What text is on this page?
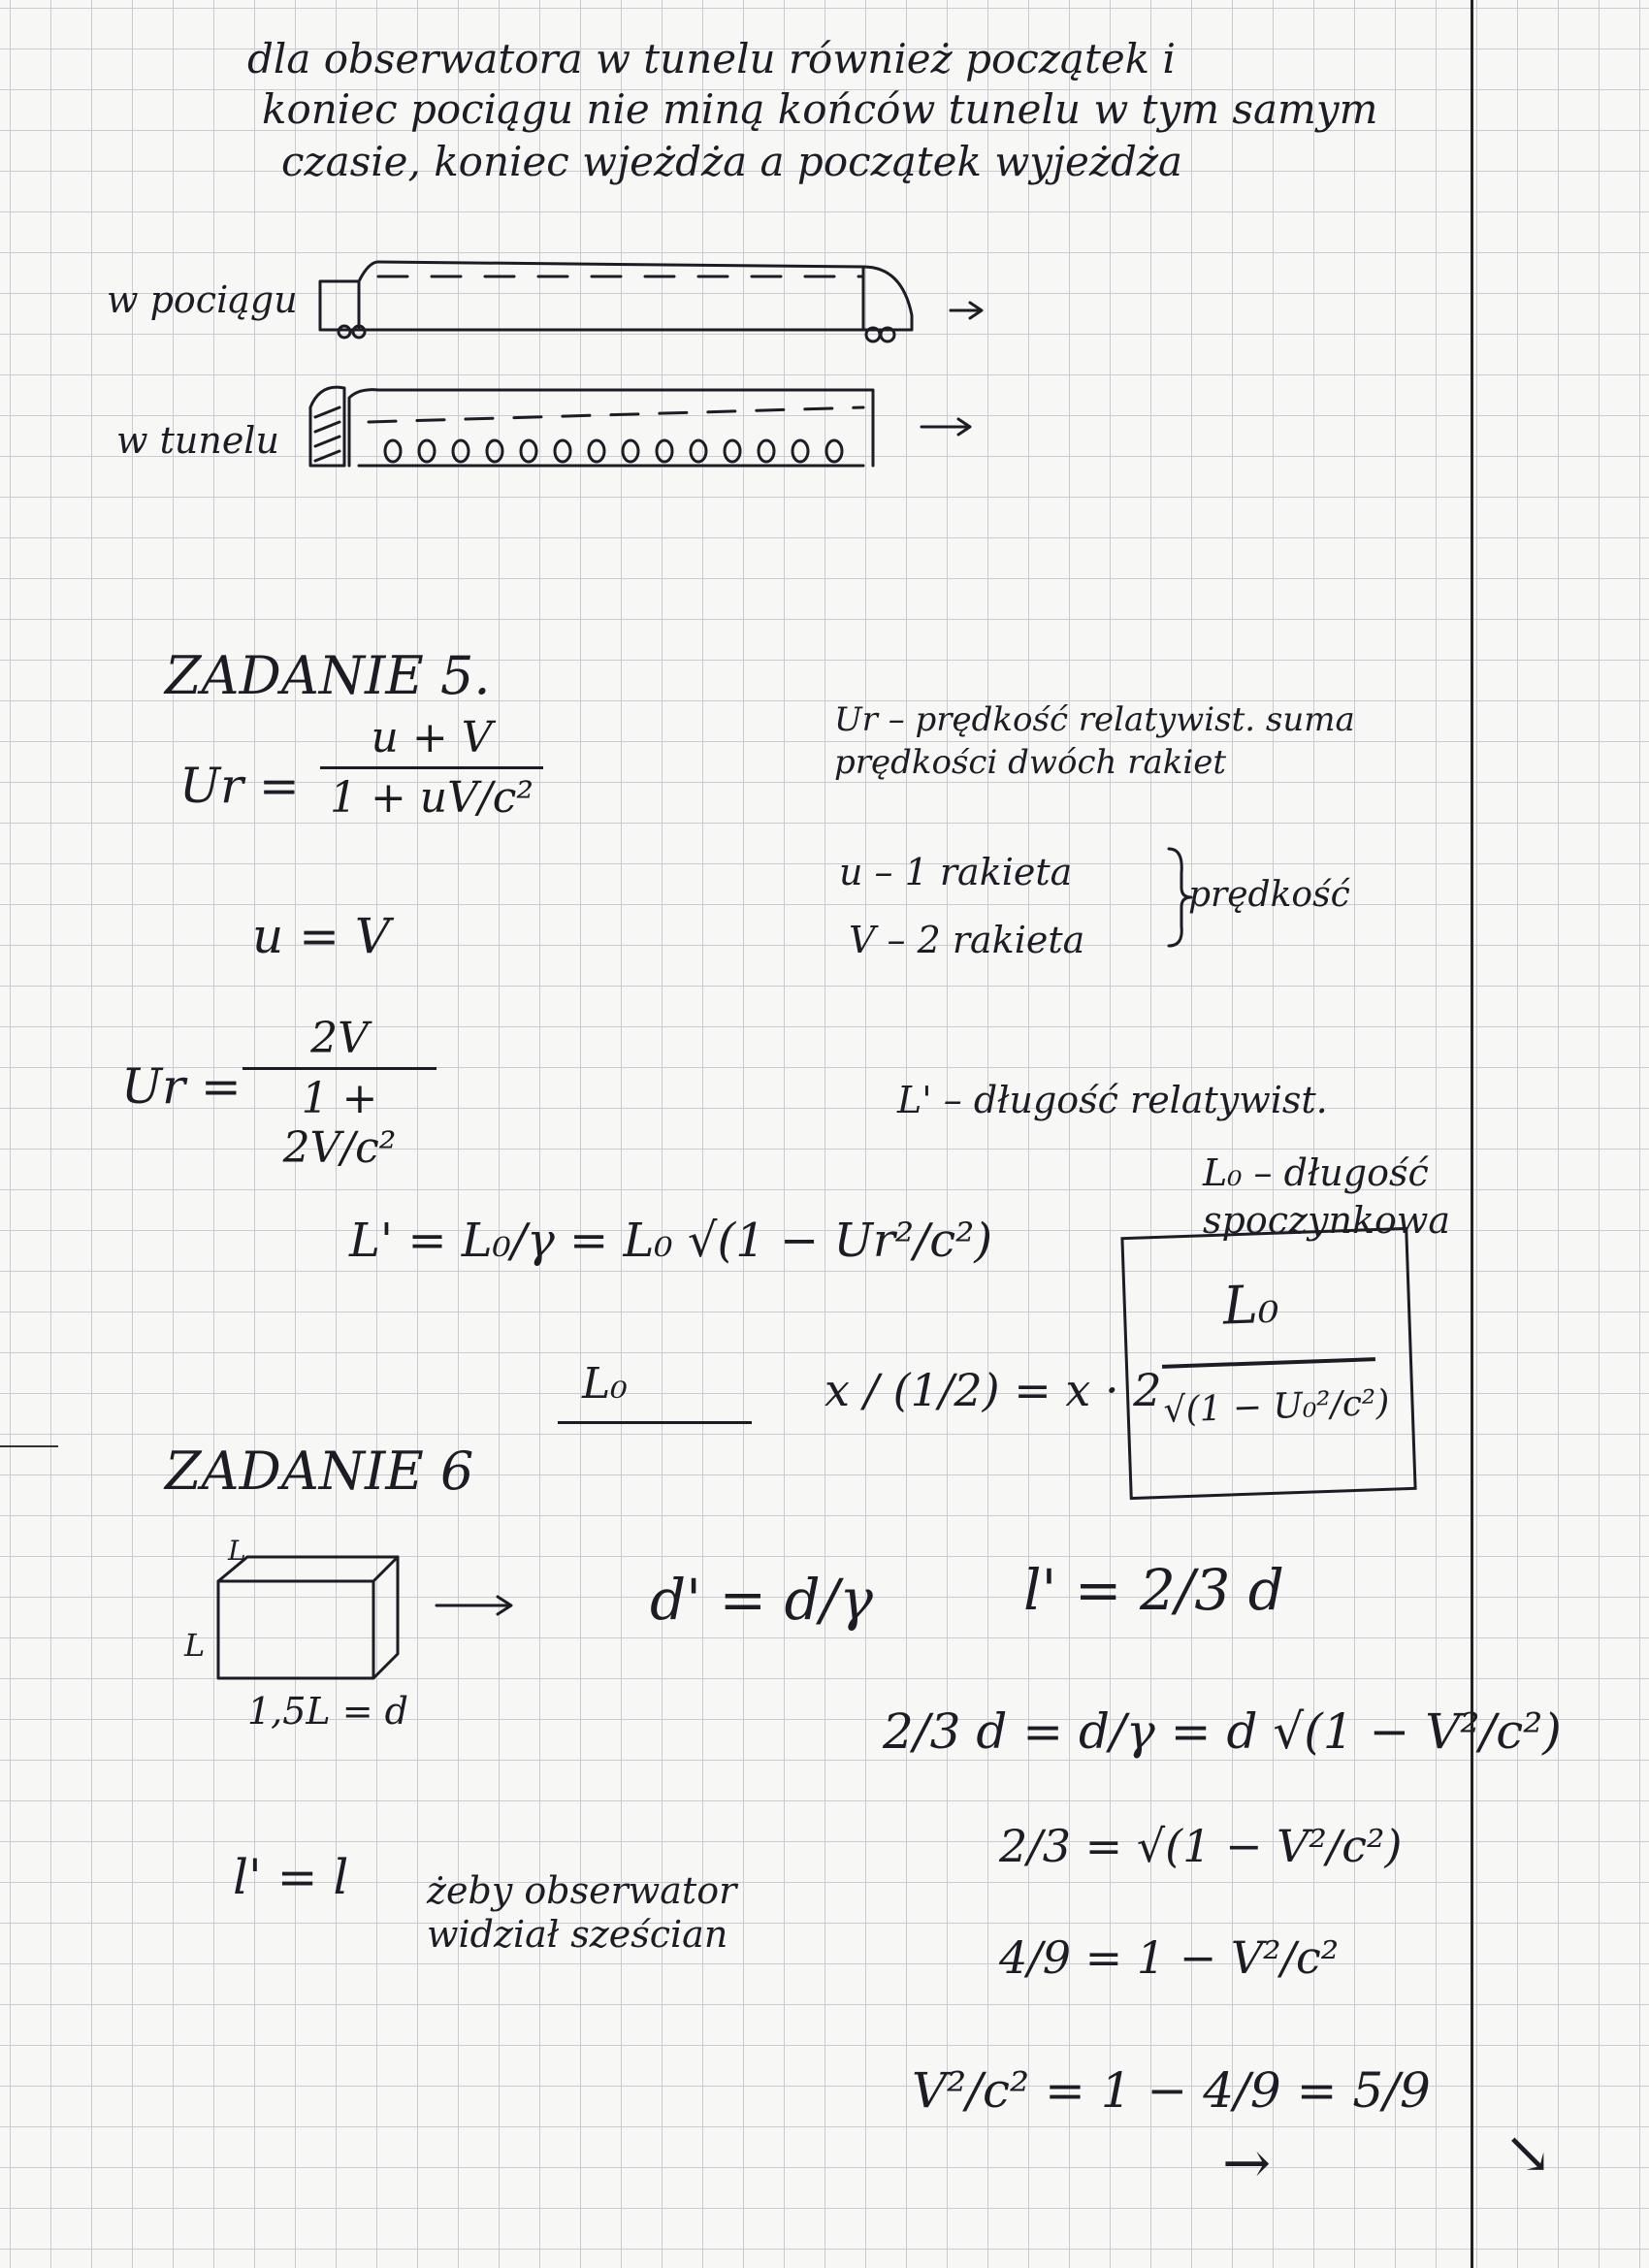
dla obserwatora w tunelu również początek i
koniec pociągu nie miną końców tunelu w tym samym
czasie, koniec wjeżdża a początek wyjeżdża
w pociągu
w tunelu
ZADANIE 5.
Ur =
u + V
1 + uV/c²
u = V
Ur =
2V
1 + 2V/c²
L' = L₀/γ = L₀ √(1 − Ur²/c²)
x / (1/2) = x · 2
Ur – prędkość relatywist. suma prędkości dwóch rakiet
u – 1 rakieta
V – 2 rakieta
prędkość
L' – długość relatywist.
L₀ – długość spoczynkowa
L₀
√(1 − U₀²/c²)
L₀
ZADANIE 6
L
L
1,5L = d
d' = d/γ	l' = 2/3 d
2/3 d = d/γ = d √(1 − V²/c²)
2/3 = √(1 − V²/c²)
4/9 = 1 − V²/c²
V²/c² = 1 − 4/9 = 5/9
l' = l żeby obserwator
widział sześcian
→	↘
